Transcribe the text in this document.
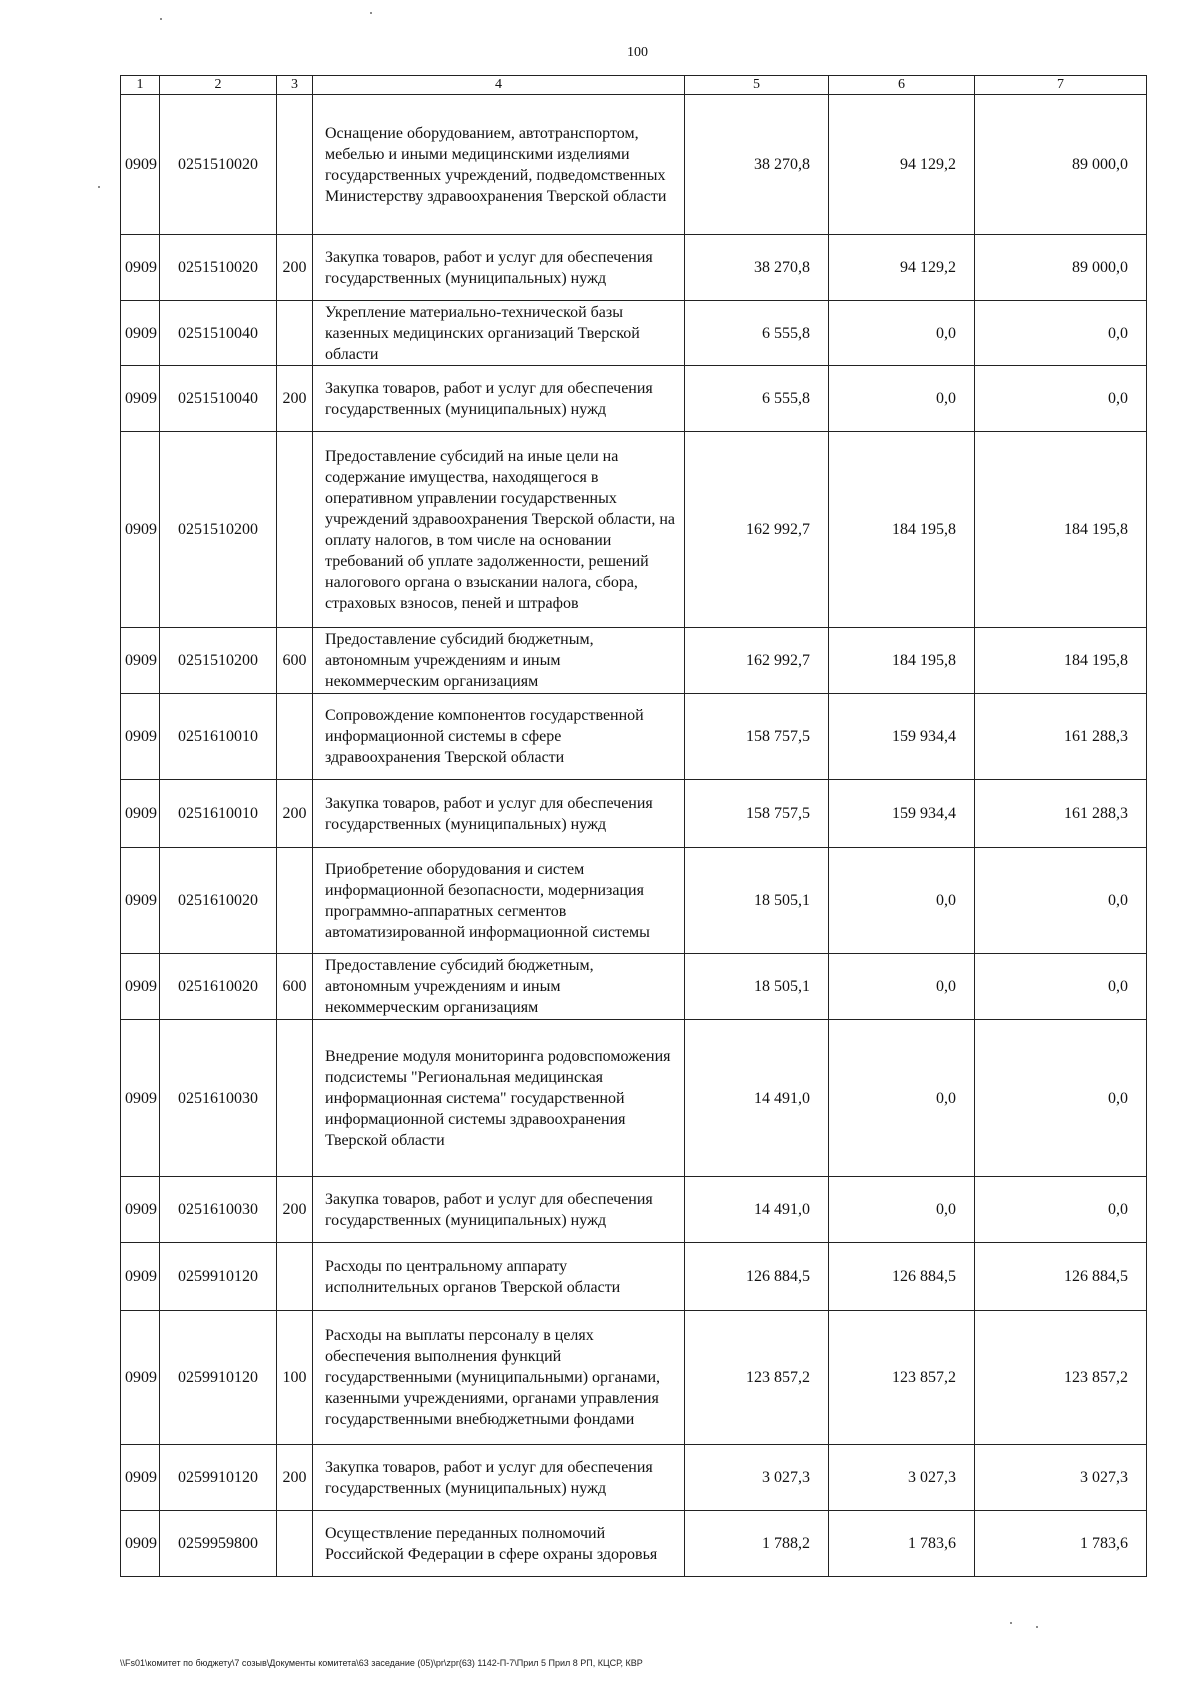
100
1	2	3	4	5	6	7
0909	0251510020		Оснащение оборудованием, автотранспортом, мебелью и иными медицинскими изделиями государственных учреждений, подведомственных Министерству здравоохранения Тверской области	38 270,8	94 129,2	89 000,0
0909	0251510020	200	Закупка товаров, работ и услуг для обеспечения государственных (муниципальных) нужд	38 270,8	94 129,2	89 000,0
0909	0251510040		Укрепление материально-технической базы казенных медицинских организаций Тверской области	6 555,8	0,0	0,0
0909	0251510040	200	Закупка товаров, работ и услуг для обеспечения государственных (муниципальных) нужд	6 555,8	0,0	0,0
0909	0251510200		Предоставление субсидий на иные цели на содержание имущества, находящегося в оперативном управлении государственных учреждений здравоохранения Тверской области, на оплату налогов, в том числе на основании требований об уплате задолженности, решений налогового органа о взыскании налога, сбора, страховых взносов, пеней и штрафов	162 992,7	184 195,8	184 195,8
0909	0251510200	600	Предоставление субсидий бюджетным, автономным учреждениям и иным некоммерческим организациям	162 992,7	184 195,8	184 195,8
0909	0251610010		Сопровождение компонентов государственной информационной системы в сфере здравоохранения Тверской области	158 757,5	159 934,4	161 288,3
0909	0251610010	200	Закупка товаров, работ и услуг для обеспечения государственных (муниципальных) нужд	158 757,5	159 934,4	161 288,3
0909	0251610020		Приобретение оборудования и систем информационной безопасности, модернизация программно-аппаратных сегментов автоматизированной информационной системы	18 505,1	0,0	0,0
0909	0251610020	600	Предоставление субсидий бюджетным, автономным учреждениям и иным некоммерческим организациям	18 505,1	0,0	0,0
0909	0251610030		Внедрение модуля мониторинга родовспоможения подсистемы "Региональная медицинская информационная система" государственной информационной системы здравоохранения Тверской области	14 491,0	0,0	0,0
0909	0251610030	200	Закупка товаров, работ и услуг для обеспечения государственных (муниципальных) нужд	14 491,0	0,0	0,0
0909	0259910120		Расходы по центральному аппарату исполнительных органов Тверской области	126 884,5	126 884,5	126 884,5
0909	0259910120	100	Расходы на выплаты персоналу в целях обеспечения выполнения функций государственными (муниципальными) органами, казенными учреждениями, органами управления государственными внебюджетными фондами	123 857,2	123 857,2	123 857,2
0909	0259910120	200	Закупка товаров, работ и услуг для обеспечения государственных (муниципальных) нужд	3 027,3	3 027,3	3 027,3
0909	0259959800		Осуществление переданных полномочий Российской Федерации в сфере охраны здоровья	1 788,2	1 783,6	1 783,6
\\Fs01\комитет по бюджету\7 созыв\Документы комитета\63 заседание (05)\pr\zpr(63) 1142-П-7\Прил 5 Прил 8 РП, КЦСР, КВР
